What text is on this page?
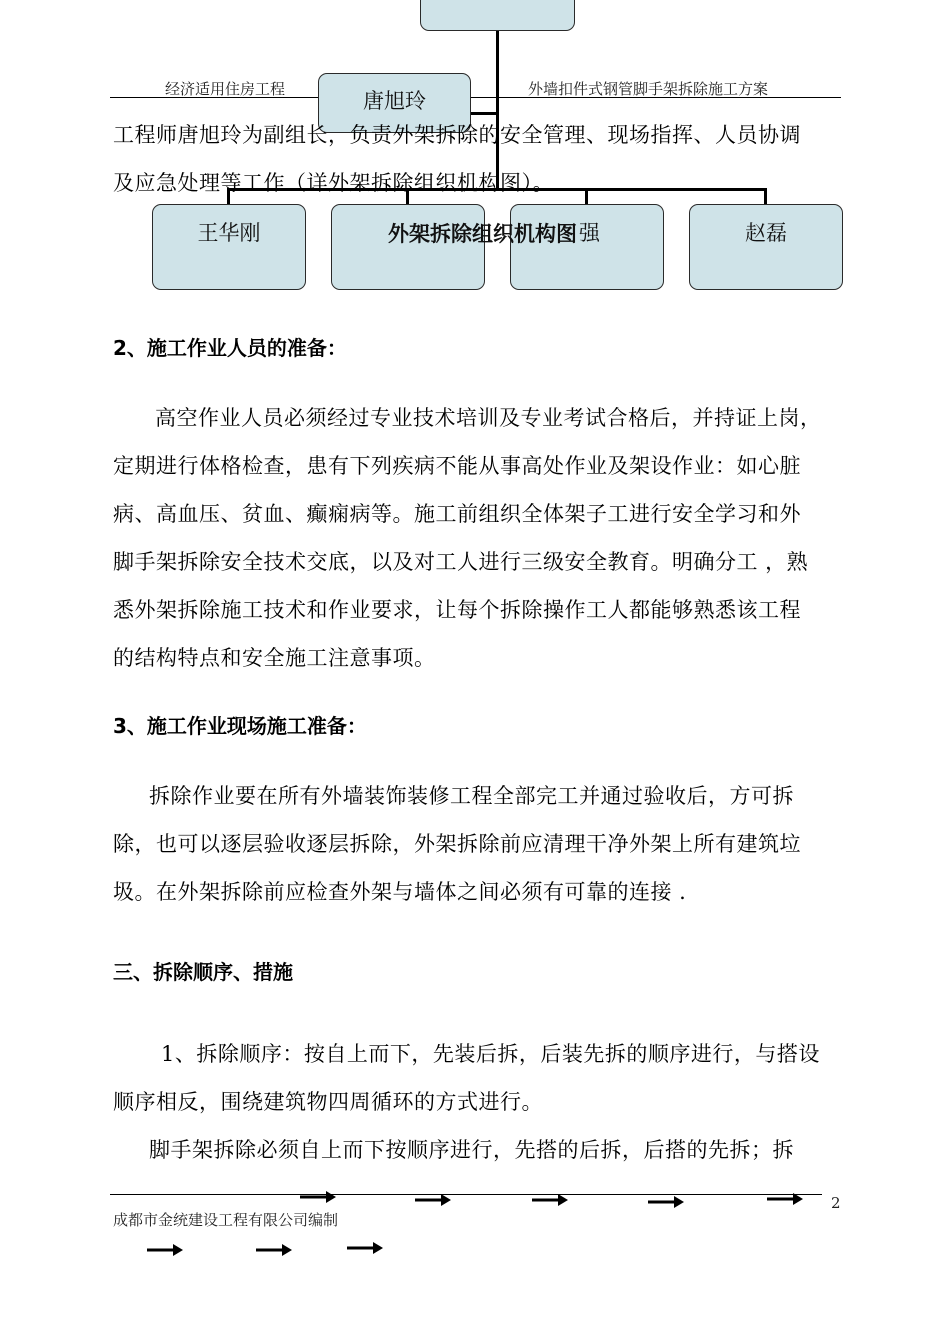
经济适用住房工程	外墙扣件式钢管脚手架拆除施工方案
唐旭玲

工程师唐旭玲为副组长，负责外架拆除的安全管理、现场指挥、人员协调

及应急处理等工作（详外架拆除组织机构图）。

王华刚	强	赵磊
外架拆除组织机构图
2、施工作业人员的准备：

高空作业人员必须经过专业技术培训及专业考试合格后，并持证上岗，

定期进行体格检查，患有下列疾病不能从事高处作业及架设作业：如心脏

病、高血压、贫血、癫痫病等。施工前组织全体架子工进行安全学习和外

脚手架拆除安全技术交底，以及对工人进行三级安全教育。明确分工 ，熟

悉外架拆除施工技术和作业要求，让每个拆除操作工人都能够熟悉该工程

的结构特点和安全施工注意事项。

3、施工作业现场施工准备：

拆除作业要在所有外墙装饰装修工程全部完工并通过验收后，方可拆

除，也可以逐层验收逐层拆除，外架拆除前应清理干净外架上所有建筑垃

圾。在外架拆除前应检查外架与墙体之间必须有可靠的连接 .

三、拆除顺序、措施

1、拆除顺序：按自上而下，先装后拆，后装先拆的顺序进行，与搭设

顺序相反，围绕建筑物四周循环的方式进行。

脚手架拆除必须自上而下按顺序进行，先搭的后拆，后搭的先拆；拆

2
成都市金统建设工程有限公司编制
